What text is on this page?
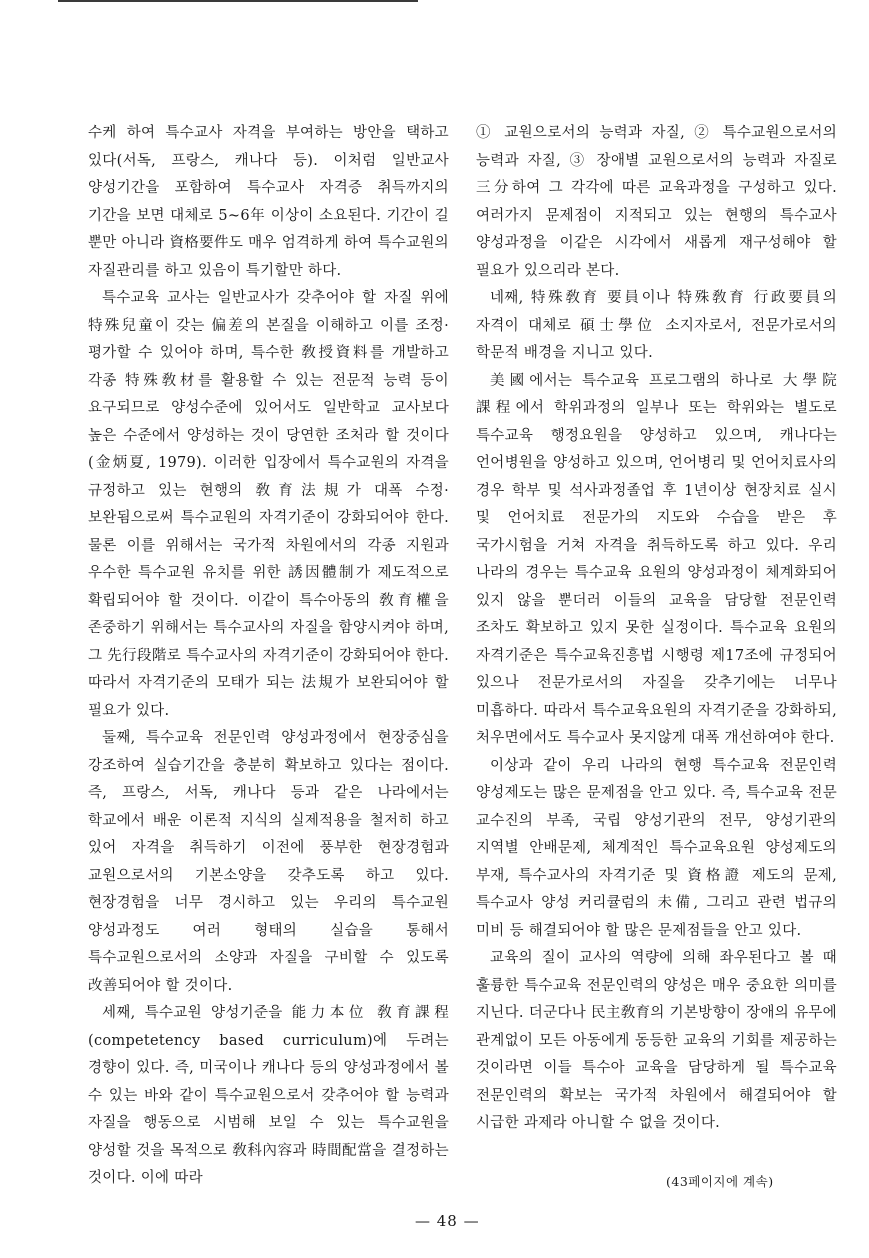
수케 하여 특수교사 자격을 부여하는 방안을 택하고 있다(서독, 프랑스, 캐나다 등). 이처럼 일반교사 양성기간을 포함하여 특수교사 자격증 취득까지의 기간을 보면 대체로 5~6年 이상이 소요된다. 기간이 길 뿐만 아니라 資格要件도 매우 엄격하게 하여 특수교원의 자질관리를 하고 있음이 특기할만 하다.

특수교육 교사는 일반교사가 갖추어야 할 자질 위에 特殊兒童이 갖는 偏差의 본질을 이해하고 이를 조정·평가할 수 있어야 하며, 특수한 敎授資料를 개발하고 각종 特殊敎材를 활용할 수 있는 전문적 능력 등이 요구되므로 양성수준에 있어서도 일반학교 교사보다 높은 수준에서 양성하는 것이 당연한 조처라 할 것이다(金炳夏, 1979). 이러한 입장에서 특수교원의 자격을 규정하고 있는 현행의 敎育法規가 대폭 수정·보완됨으로써 특수교원의 자격기준이 강화되어야 한다. 물론 이를 위해서는 국가적 차원에서의 각종 지원과 우수한 특수교원 유치를 위한 誘因體制가 제도적으로 확립되어야 할 것이다. 이같이 특수아동의 敎育權을 존중하기 위해서는 특수교사의 자질을 함양시켜야 하며, 그 先行段階로 특수교사의 자격기준이 강화되어야 한다. 따라서 자격기준의 모태가 되는 法規가 보완되어야 할 필요가 있다.

둘째, 특수교육 전문인력 양성과정에서 현장중심을 강조하여 실습기간을 충분히 확보하고 있다는 점이다. 즉, 프랑스, 서독, 캐나다 등과 같은 나라에서는 학교에서 배운 이론적 지식의 실제적용을 철저히 하고 있어 자격을 취득하기 이전에 풍부한 현장경험과 교원으로서의 기본소양을 갖추도록 하고 있다. 현장경험을 너무 경시하고 있는 우리의 특수교원 양성과정도 여러 형태의 실습을 통해서 특수교원으로서의 소양과 자질을 구비할 수 있도록 改善되어야 할 것이다.

세째, 특수교원 양성기준을 能力本位 敎育課程(competetency based curriculum)에 두려는 경향이 있다. 즉, 미국이나 캐나다 등의 양성과정에서 볼 수 있는 바와 같이 특수교원으로서 갖추어야 할 능력과 자질을 행동으로 시범해 보일 수 있는 특수교원을 양성할 것을 목적으로 敎科內容과 時間配當을 결정하는 것이다. 이에 따라

① 교원으로서의 능력과 자질, ② 특수교원으로서의 능력과 자질, ③ 장애별 교원으로서의 능력과 자질로 三分하여 그 각각에 따른 교육과정을 구성하고 있다. 여러가지 문제점이 지적되고 있는 현행의 특수교사 양성과정을 이같은 시각에서 새롭게 재구성해야 할 필요가 있으리라 본다.

네째, 特殊敎育 要員이나 特殊敎育 行政要員의 자격이 대체로 碩士學位 소지자로서, 전문가로서의 학문적 배경을 지니고 있다.

美國에서는 특수교육 프로그램의 하나로 大學院 課程에서 학위과정의 일부나 또는 학위와는 별도로 특수교육 행정요원을 양성하고 있으며, 캐나다는 언어병원을 양성하고 있으며, 언어병리 및 언어치료사의 경우 학부 및 석사과정졸업 후 1년이상 현장치료 실시 및 언어치료 전문가의 지도와 수습을 받은 후 국가시험을 거쳐 자격을 취득하도록 하고 있다. 우리 나라의 경우는 특수교육 요원의 양성과정이 체계화되어 있지 않을 뿐더러 이들의 교육을 담당할 전문인력 조차도 확보하고 있지 못한 실정이다. 특수교육 요원의 자격기준은 특수교육진흥법 시행령 제17조에 규정되어 있으나 전문가로서의 자질을 갖추기에는 너무나 미흡하다. 따라서 특수교육요원의 자격기준을 강화하되, 처우면에서도 특수교사 못지않게 대폭 개선하여야 한다.

이상과 같이 우리 나라의 현행 특수교육 전문인력 양성제도는 많은 문제점을 안고 있다. 즉, 특수교육 전문 교수진의 부족, 국립 양성기관의 전무, 양성기관의 지역별 안배문제, 체계적인 특수교육요원 양성제도의 부재, 특수교사의 자격기준 및 資格證 제도의 문제, 특수교사 양성 커리큘럼의 未備, 그리고 관련 법규의 미비 등 해결되어야 할 많은 문제점들을 안고 있다.

교육의 질이 교사의 역량에 의해 좌우된다고 볼 때 훌륭한 특수교육 전문인력의 양성은 매우 중요한 의미를 지닌다. 더군다나 民主敎育의 기본방향이 장애의 유무에 관계없이 모든 아동에게 동등한 교육의 기회를 제공하는 것이라면 이들 특수아 교육을 담당하게 될 특수교육 전문인력의 확보는 국가적 차원에서 해결되어야 할 시급한 과제라 아니할 수 없을 것이다.

(43페이지에 계속)
— 48 —
